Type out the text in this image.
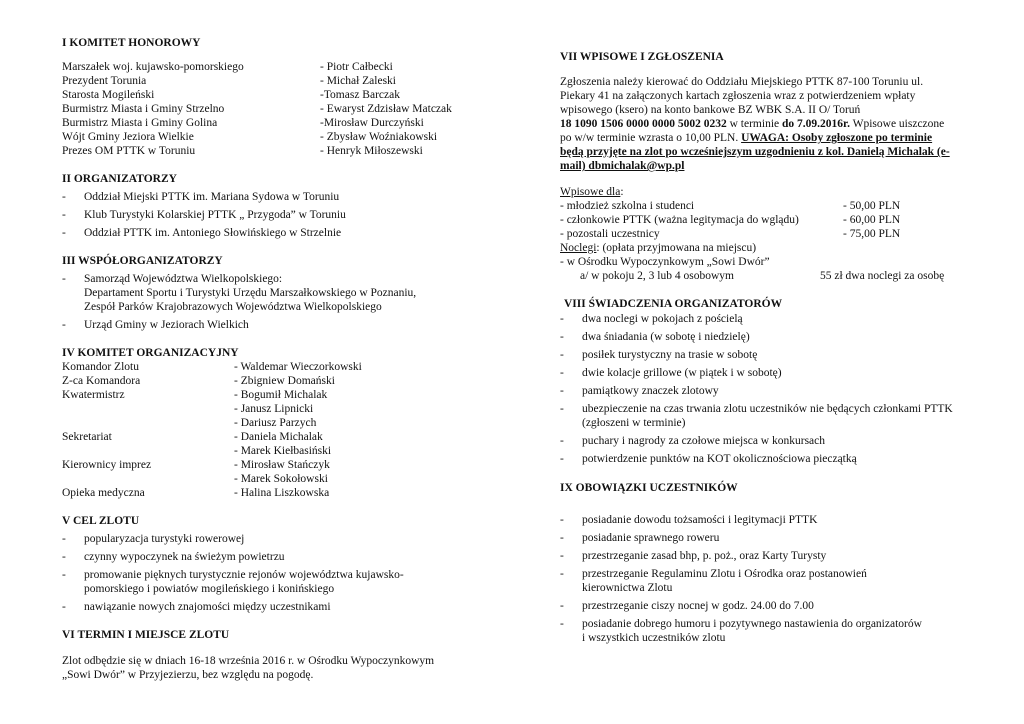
I KOMITET HONOROWY
Marszałek woj. kujawsko-pomorskiego	- Piotr Całbecki
Prezydent Torunia	- Michał Zaleski
Starosta Mogileński	-Tomasz Barczak
Burmistrz Miasta i Gminy Strzelno	- Ewaryst Zdzisław Matczak
Burmistrz Miasta i Gminy Golina	-Mirosław Durczyński
Wójt Gminy Jeziora Wielkie	- Zbysław Woźniakowski
Prezes OM PTTK w Toruniu	- Henryk Miłoszewski
II ORGANIZATORZY
- Oddział Miejski PTTK im. Mariana Sydowa w Toruniu
- Klub Turystyki Kolarskiej PTTK „ Przygoda” w Toruniu
- Oddział PTTK im. Antoniego Słowińskiego w Strzelnie
III WSPÓŁORGANIZATORZY
- Samorząd Województwa Wielkopolskiego:
Departament Sportu i Turystyki Urzędu Marszałkowskiego w Poznaniu,
Zespół Parków Krajobrazowych Województwa Wielkopolskiego
- Urząd Gminy w Jeziorach Wielkich
IV KOMITET ORGANIZACYJNY
Komandor Zlotu	- Waldemar Wieczorkowski
Z-ca Komandora	- Zbigniew Domański
Kwatermistrz	- Bogumił Michalak
- Janusz Lipnicki
- Dariusz Parzych
Sekretariat	- Daniela Michalak
- Marek Kiełbasiński
Kierownicy imprez	- Mirosław Stańczyk
- Marek Sokołowski
Opieka medyczna	- Halina Liszkowska
V CEL ZLOTU
- popularyzacja turystyki rowerowej
- czynny wypoczynek na świeżym powietrzu
- promowanie pięknych turystycznie rejonów województwa kujawsko-
pomorskiego i powiatów mogileńskiego i konińskiego
- nawiązanie nowych znajomości między uczestnikami
VI TERMIN I MIEJSCE ZLOTU
Zlot odbędzie się w dniach 16-18 września 2016 r. w Ośrodku Wypoczynkowym
„Sowi Dwór” w Przyjezierzu, bez względu na pogodę.
VII WPISOWE I ZGŁOSZENIA
Zgłoszenia należy kierować do Oddziału Miejskiego PTTK 87-100 Toruniu ul.
Piekary 41 na załączonych kartach zgłoszenia wraz z potwierdzeniem wpłaty
wpisowego (ksero) na konto bankowe BZ WBK S.A. II O/ Toruń
18 1090 1506 0000 0000 5002 0232 w terminie do 7.09.2016r. Wpisowe uiszczone
po w/w terminie wzrasta o 10,00 PLN. UWAGA: Osoby zgłoszone po terminie
będą przyjęte na zlot po wcześniejszym uzgodnieniu z kol. Danielą Michalak (e-
mail) dbmichalak@wp.pl
Wpisowe dla:
- młodzież szkolna i studenci	- 50,00 PLN
- członkowie PTTK (ważna legitymacja do wglądu)	- 60,00 PLN
- pozostali uczestnicy	- 75,00 PLN
Noclegi: (opłata przyjmowana na miejscu)
- w Ośrodku Wypoczynkowym „Sowi Dwór”
a/ w pokoju 2, 3 lub 4 osobowym	55 zł dwa noclegi za osobę
VIII ŚWIADCZENIA ORGANIZATORÓW
- dwa noclegi w pokojach z pościelą
- dwa śniadania (w sobotę i niedzielę)
- posiłek turystyczny na trasie w sobotę
- dwie kolacje grillowe (w piątek i w sobotę)
- pamiątkowy znaczek zlotowy
- ubezpieczenie na czas trwania zlotu uczestników nie będących członkami PTTK
(zgłoszeni w terminie)
- puchary i nagrody za czołowe miejsca w konkursach
- potwierdzenie punktów na KOT okolicznościowa pieczątką
IX OBOWIĄZKI UCZESTNIKÓW
- posiadanie dowodu tożsamości i legitymacji PTTK
- posiadanie sprawnego roweru
- przestrzeganie zasad bhp, p. poż., oraz Karty Turysty
- przestrzeganie Regulaminu Zlotu i Ośrodka oraz postanowień
kierownictwa Zlotu
- przestrzeganie ciszy nocnej w godz. 24.00 do 7.00
- posiadanie dobrego humoru i pozytywnego nastawienia do organizatorów
i wszystkich uczestników zlotu
